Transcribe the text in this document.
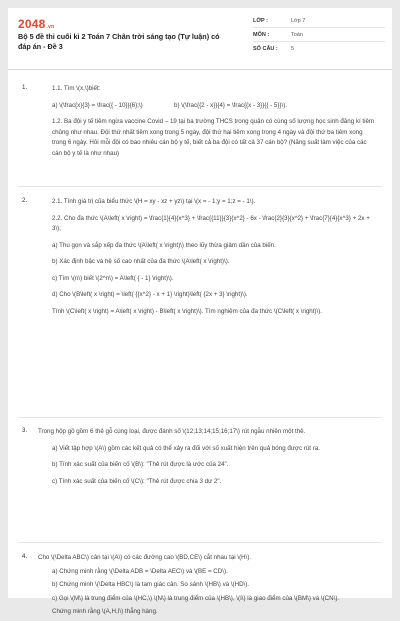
2048.vn
Bộ 5 đề thi cuối kì 2 Toán 7 Chân trời sáng tạo (Tự luận) có đáp án - Đề 3
LỚP :	Lớp 7
MÔN :	Toán
SỐ CÂU :	5
1.	1.1. Tìm \(x,\)biết:

a) \(\frac{x}{3} = \frac{{ - 10}}{6};\)	b) \(\frac{{2 - x}}{4} = \frac{{x - 3}}{{ - 5}}\).

1.2. Ba đội y tế tiêm ngừa vaccine Covid – 19 tại ba trường THCS trong quận có cùng số lượng học sinh đăng kí tiêm chủng như nhau. Đội thứ nhất tiêm xong trong 5 ngày, đội thứ hai tiêm xong trong 4 ngày và đội thứ ba tiêm xong trong 6 ngày. Hỏi mỗi đội có bao nhiêu cán bộ y tế, biết cả ba đội có tất cả 37 cán bộ? (Năng suất làm việc của các cán bộ y tế là như nhau)

2.	2.1. Tính giá trị của biểu thức \(H = xy - xz + yz\) tại \(x = - 1;y = 1;z = - 1\).

2.2. Cho đa thức \(A\left( x \right) = \frac{1}{4}{x^3} + \frac{{11}}{3}{x^2} - 6x - \frac{2}{3}{x^2} + \frac{7}{4}{x^3} + 2x + 3\);

a) Thu gọn và sắp xếp đa thức \(A\left( x \right)\) theo lũy thừa giảm dần của biến.

b) Xác định bậc và hệ số cao nhất của đa thức \(A\left( x \right)\).

c) Tìm \(n\) biết \(2^n\) = A\left( { - 1} \right)\).

d) Cho \(B\left( x \right) = \left( {{x^2} - x + 1} \right)\left( {2x + 3} \right)\).

Tính \(C\left( x \right) = A\left( x \right) - B\left( x \right)\). Tìm nghiệm của đa thức \(C\left( x \right)\).

3. Trong hộp gồ gồm 6 thẻ gỗ cùng loại, được đánh số \(12;13;14;15;16;17\) rút ngẫu nhiên một thẻ.

a) Viết tập hợp \(A\) gồm các kết quả có thể xảy ra đối với số xuất hiện trên quả bóng được rút ra.

b) Tính xác suất của biến cố \(B\): "Thẻ rút được là ước của 24".

c) Tính xác suất của biến cố \(C\): "Thẻ rút được chia 3 dư 2".

4. Cho \(\Delta ABC\) cân tại \(A\) có các đường cao \(BD,CE\) cắt nhau tại \(H\).

a) Chứng minh rằng \(\Delta ADB = \Delta AEC\) và \(BE = CD\).

b) Chứng minh \(\Delta HBC\) là tam giác cân. So sánh \(HB\) và \(HD\).

c) Gọi \(M\) là trung điểm của \(HC,\) \(N\) là trung điểm của \(HB\), \(I\) là giao điểm của \(BM\) và \(CN\).

Chứng minh rằng \(A,H,I\) thẳng hàng.
